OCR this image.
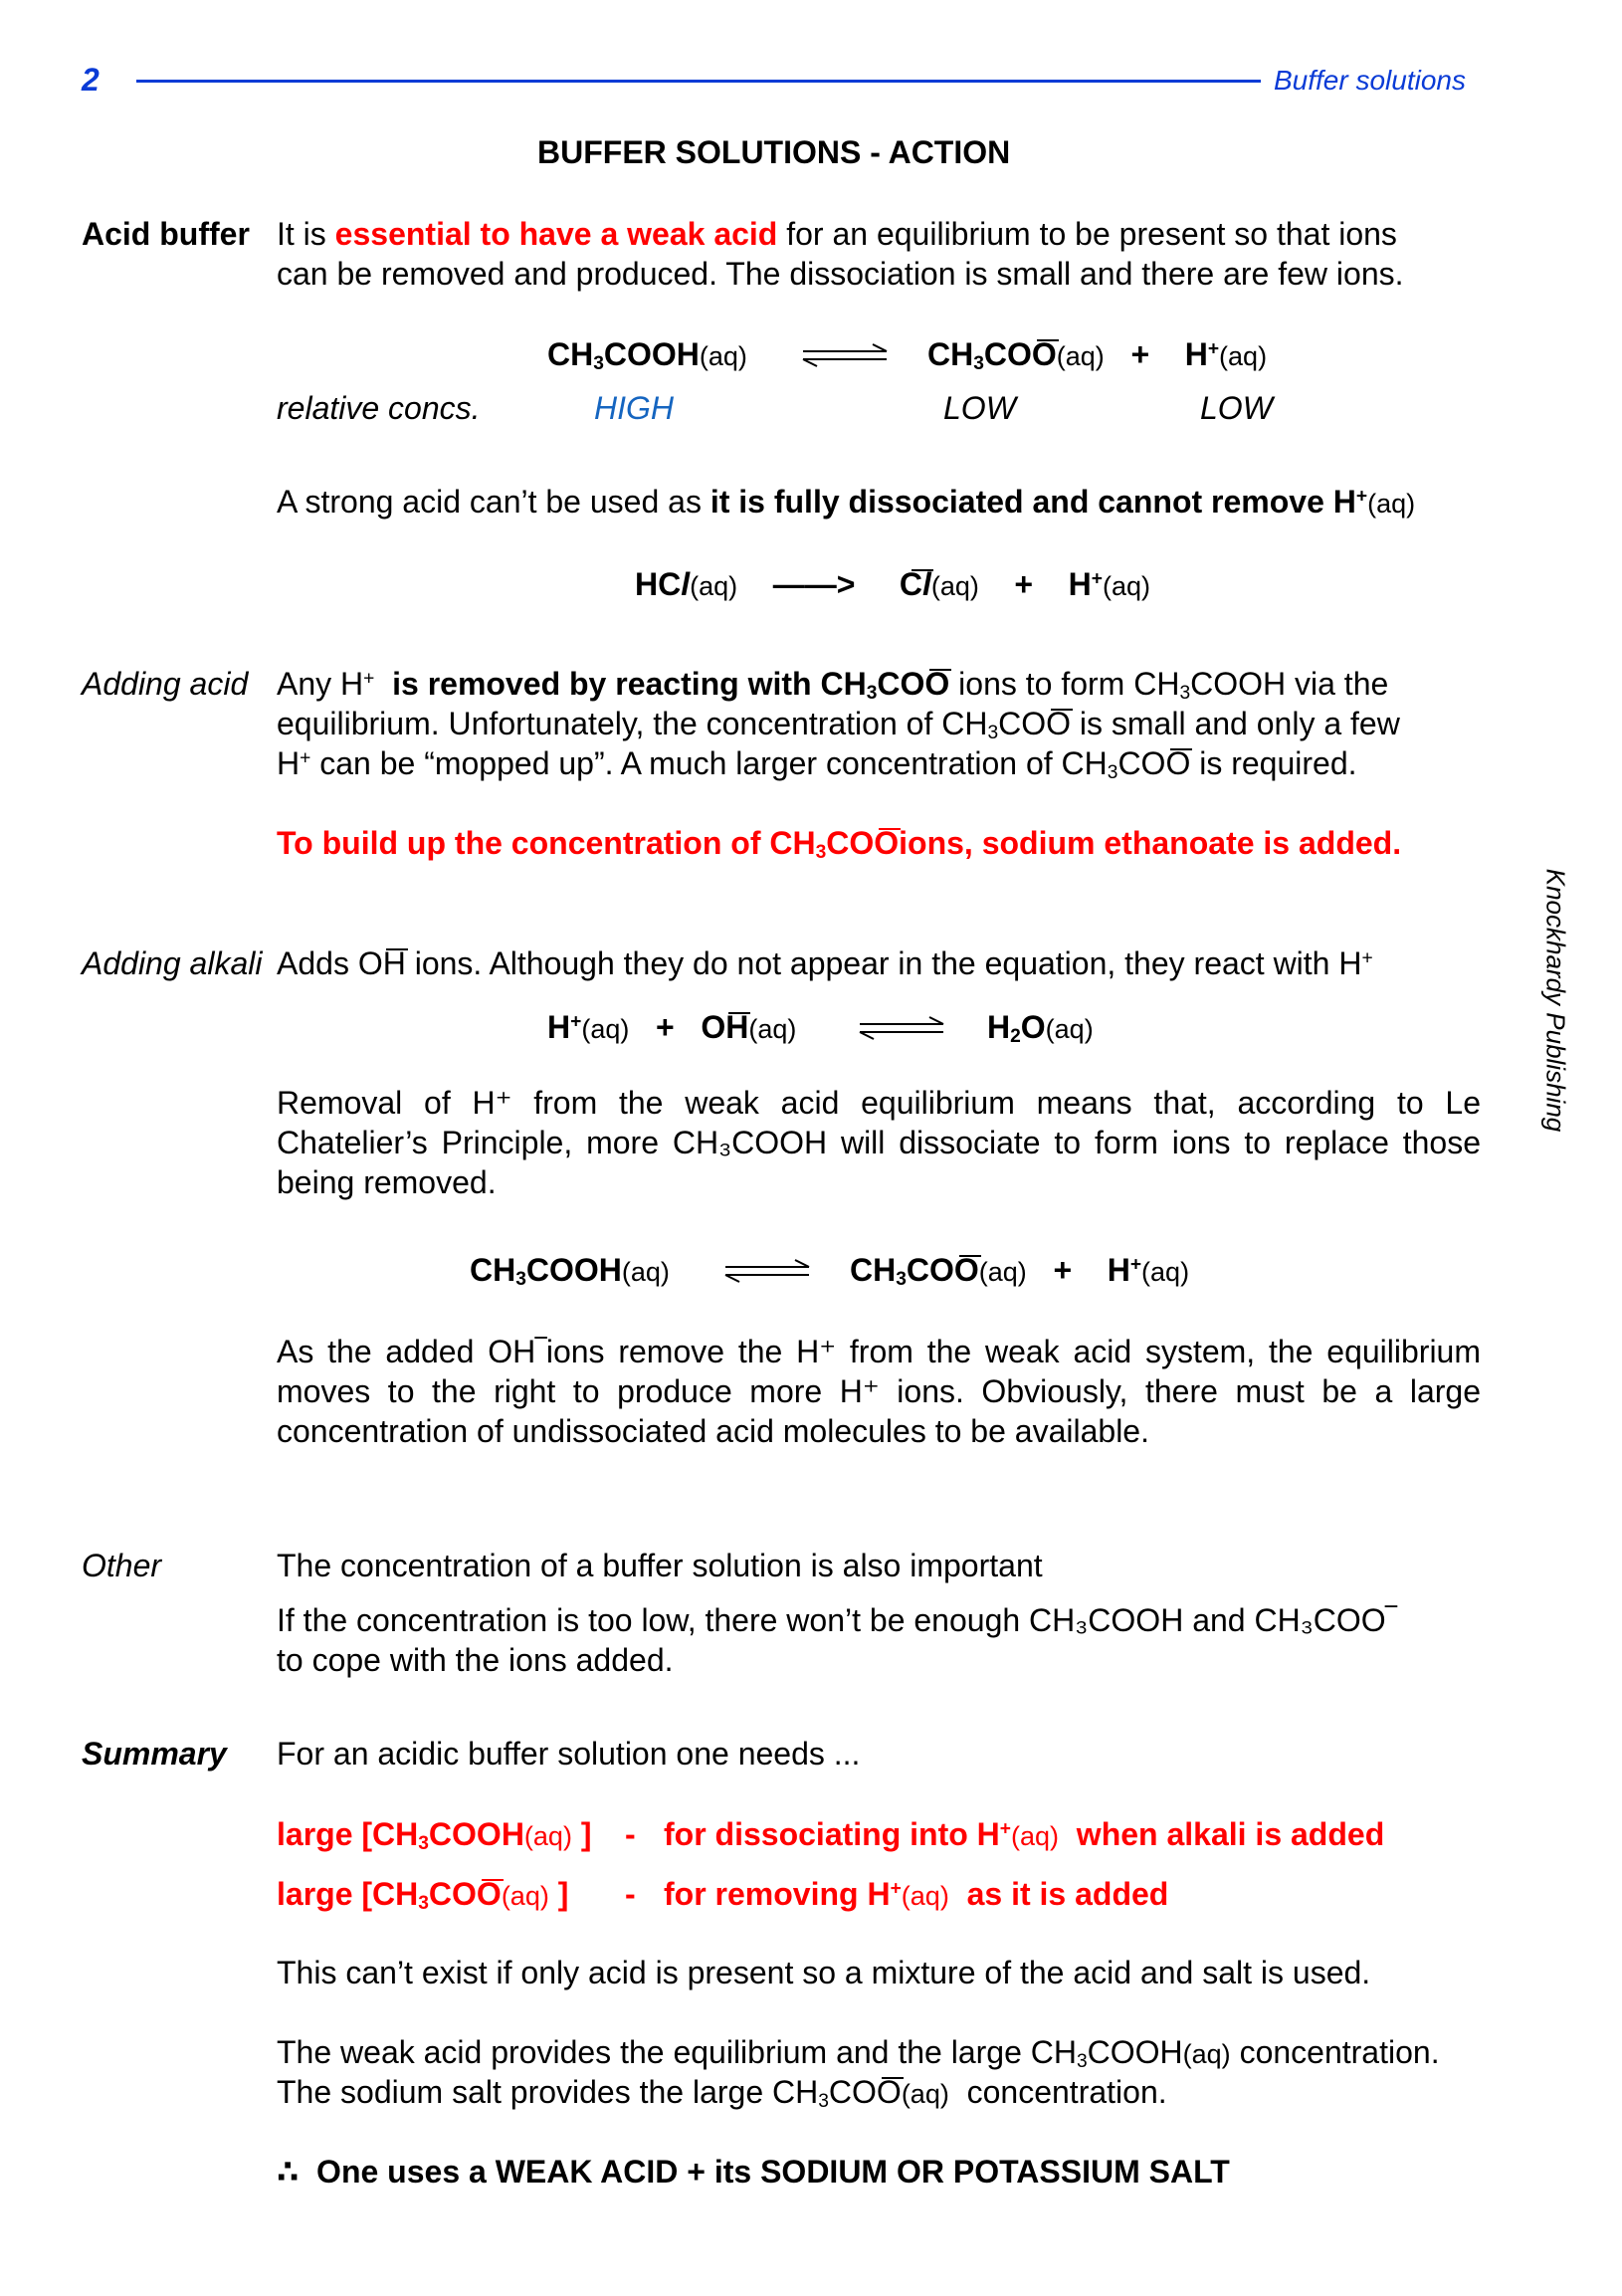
2	Buffer solutions
Knockhardy Publishing
BUFFER SOLUTIONS - ACTION
Acid buffer It is essential to have a weak acid for an equilibrium to be present so that ions
can be removed and produced. The dissociation is small and there are few ions.
$CH_3COOH(aq)$	$CH_3COO(aq) + H^+(aq)$
relative concs.	HIGH	LOW	LOW
A strong acid can’t be used as it is fully dissociated and cannot remove H+(aq)
HCl(aq) ——> Cl(aq) + H+(aq)
Adding acid Any H+ is removed by reacting with $CH_3COO$ ions to form $CH_3COOH$ via the
equilibrium. Unfortunately, the concentration of $CH_3COO$ is small and only a few
H+ can be “mopped up”. A much larger concentration of $CH_3COO$ is required.
To build up the concentration of $CH_3COOions$, sodium ethanoate is added.
Adding alkali Adds OH ions. Although they do not appear in the equation, they react with H+
H+(aq) + OH(aq)	$H_2O(aq)$
Removal of H⁺ from the weak acid equilibrium means that, according to Le Chatelier’s Principle, more CH₃COOH will dissociate to form ions to replace those being removed.
$CH_3COOH(aq)$	$CH_3COO(aq) + H^+(aq)$
As the added OH‾ions remove the H⁺ from the weak acid system, the equilibrium moves to the right to produce more H⁺ ions. Obviously, there must be a large concentration of undissociated acid molecules to be available.
Other	The concentration of a buffer solution is also important
If the concentration is too low, there won’t be enough CH₃COOH and CH₃COO‾
to cope with the ions added.
Summary For an acidic buffer solution one needs ...
large [$CH_3COOH(aq)$ ] - for dissociating into H+(aq) when alkali is added
large [$CH_3COO(aq)$ ] - for removing H+(aq) as it is added
This can’t exist if only acid is present so a mixture of the acid and salt is used.
The weak acid provides the equilibrium and the large $CH_3COOH(aq)$ concentration.
The sodium salt provides the large $CH_3COO(aq)$ concentration.
∴ One uses a WEAK ACID + its SODIUM OR POTASSIUM SALT
